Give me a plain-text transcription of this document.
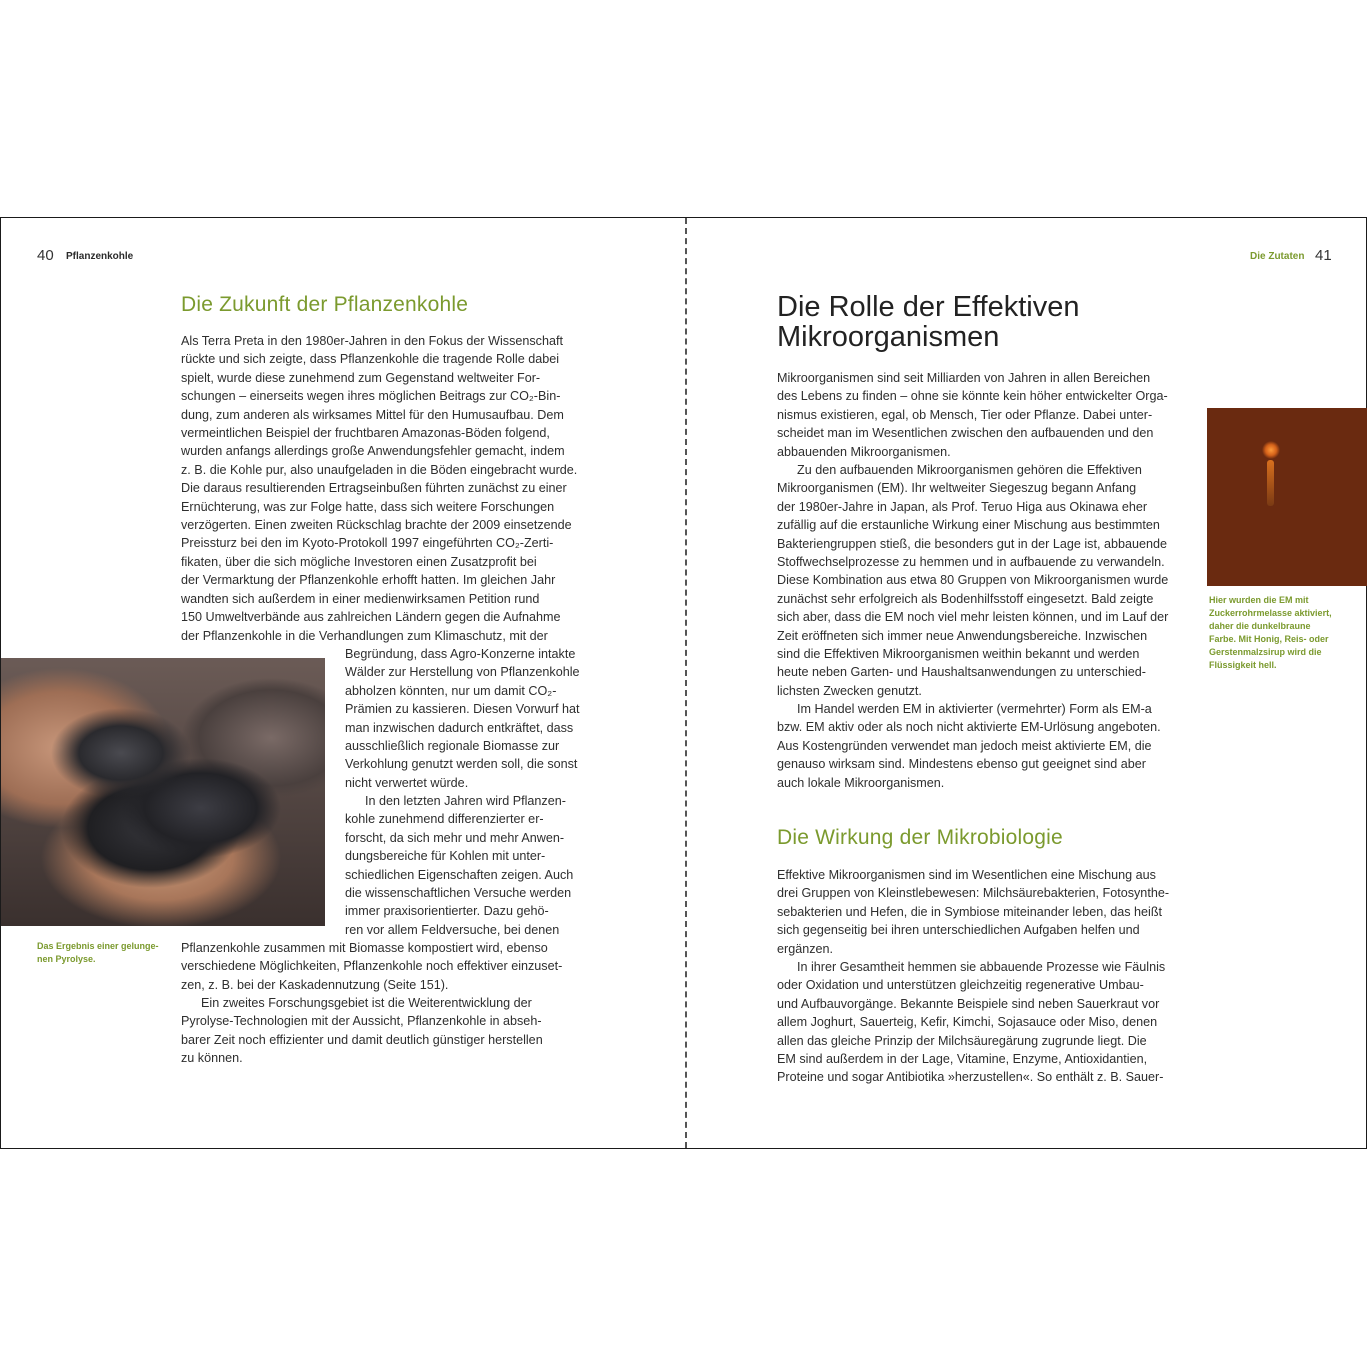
40 Pflanzenkohle
Die Zukunft der Pflanzenkohle
Als Terra Preta in den 1980er-Jahren in den Fokus der Wissenschaft
rückte und sich zeigte, dass Pflanzenkohle die tragende Rolle dabei
spielt, wurde diese zunehmend zum Gegenstand weltweiter For-
schungen – einerseits wegen ihres möglichen Beitrags zur CO₂-Bin-
dung, zum anderen als wirksames Mittel für den Humusaufbau. Dem
vermeintlichen Beispiel der fruchtbaren Amazonas-Böden folgend,
wurden anfangs allerdings große Anwendungsfehler gemacht, indem
z. B. die Kohle pur, also unaufgeladen in die Böden eingebracht wurde.
Die daraus resultierenden Ertragseinbußen führten zunächst zu einer
Ernüchterung, was zur Folge hatte, dass sich weitere Forschungen
verzögerten. Einen zweiten Rückschlag brachte der 2009 einsetzende
Preissturz bei den im Kyoto-Protokoll 1997 eingeführten CO₂-Zerti-
fikaten, über die sich mögliche Investoren einen Zusatzprofit bei
der Vermarktung der Pflanzenkohle erhofft hatten. Im gleichen Jahr
wandten sich außerdem in einer medienwirksamen Petition rund
150 Umweltverbände aus zahlreichen Ländern gegen die Aufnahme
der Pflanzenkohle in die Verhandlungen zum Klimaschutz, mit der
Begründung, dass Agro-Konzerne intakte
Wälder zur Herstellung von Pflanzenkohle
abholzen könnten, nur um damit CO₂-
Prämien zu kassieren. Diesen Vorwurf hat
man inzwischen dadurch entkräftet, dass
ausschließlich regionale Biomasse zur
Verkohlung genutzt werden soll, die sonst
nicht verwertet würde.
In den letzten Jahren wird Pflanzen-
kohle zunehmend differenzierter er-
forscht, da sich mehr und mehr Anwen-
dungsbereiche für Kohlen mit unter-
schiedlichen Eigenschaften zeigen. Auch
die wissenschaftlichen Versuche werden
immer praxisorientierter. Dazu gehö-
ren vor allem Feldversuche, bei denen
Pflanzenkohle zusammen mit Biomasse kompostiert wird, ebenso
verschiedene Möglichkeiten, Pflanzenkohle noch effektiver einzuset-
zen, z. B. bei der Kaskadennutzung (Seite 151).
Ein zweites Forschungsgebiet ist die Weiterentwicklung der
Pyrolyse-Technologien mit der Aussicht, Pflanzenkohle in abseh-
barer Zeit noch effizienter und damit deutlich günstiger herstellen
zu können.
Das Ergebnis einer gelunge-
nen Pyrolyse.
Die Zutaten 41
Die Rolle der Effektiven
Mikroorganismen
Mikroorganismen sind seit Milliarden von Jahren in allen Bereichen
des Lebens zu finden – ohne sie könnte kein höher entwickelter Orga-
nismus existieren, egal, ob Mensch, Tier oder Pflanze. Dabei unter-
scheidet man im Wesentlichen zwischen den aufbauenden und den
abbauenden Mikroorganismen.
Zu den aufbauenden Mikroorganismen gehören die Effektiven
Mikroorganismen (EM). Ihr weltweiter Siegeszug begann Anfang
der 1980er-Jahre in Japan, als Prof. Teruo Higa aus Okinawa eher
zufällig auf die erstaunliche Wirkung einer Mischung aus bestimmten
Bakteriengruppen stieß, die besonders gut in der Lage ist, abbauende
Stoffwechselprozesse zu hemmen und in aufbauende zu verwandeln.
Diese Kombination aus etwa 80 Gruppen von Mikroorganismen wurde
zunächst sehr erfolgreich als Bodenhilfsstoff eingesetzt. Bald zeigte
sich aber, dass die EM noch viel mehr leisten können, und im Lauf der
Zeit eröffneten sich immer neue Anwendungsbereiche. Inzwischen
sind die Effektiven Mikroorganismen weithin bekannt und werden
heute neben Garten- und Haushaltsanwendungen zu unterschied-
lichsten Zwecken genutzt.
Im Handel werden EM in aktivierter (vermehrter) Form als EM-a
bzw. EM aktiv oder als noch nicht aktivierte EM-Urlösung angeboten.
Aus Kostengründen verwendet man jedoch meist aktivierte EM, die
genauso wirksam sind. Mindestens ebenso gut geeignet sind aber
auch lokale Mikroorganismen.
Die Wirkung der Mikrobiologie
Effektive Mikroorganismen sind im Wesentlichen eine Mischung aus
drei Gruppen von Kleinstlebewesen: Milchsäurebakterien, Fotosynthe-
sebakterien und Hefen, die in Symbiose miteinander leben, das heißt
sich gegenseitig bei ihren unterschiedlichen Aufgaben helfen und
ergänzen.
In ihrer Gesamtheit hemmen sie abbauende Prozesse wie Fäulnis
oder Oxidation und unterstützen gleichzeitig regenerative Umbau-
und Aufbauvorgänge. Bekannte Beispiele sind neben Sauerkraut vor
allem Joghurt, Sauerteig, Kefir, Kimchi, Sojasauce oder Miso, denen
allen das gleiche Prinzip der Milchsäuregärung zugrunde liegt. Die
EM sind außerdem in der Lage, Vitamine, Enzyme, Antioxidantien,
Proteine und sogar Antibiotika »herzustellen«. So enthält z. B. Sauer-
Hier wurden die EM mit
Zuckerrohrmelasse aktiviert,
daher die dunkelbraune
Farbe. Mit Honig, Reis- oder
Gerstenmalzsirup wird die
Flüssigkeit hell.
